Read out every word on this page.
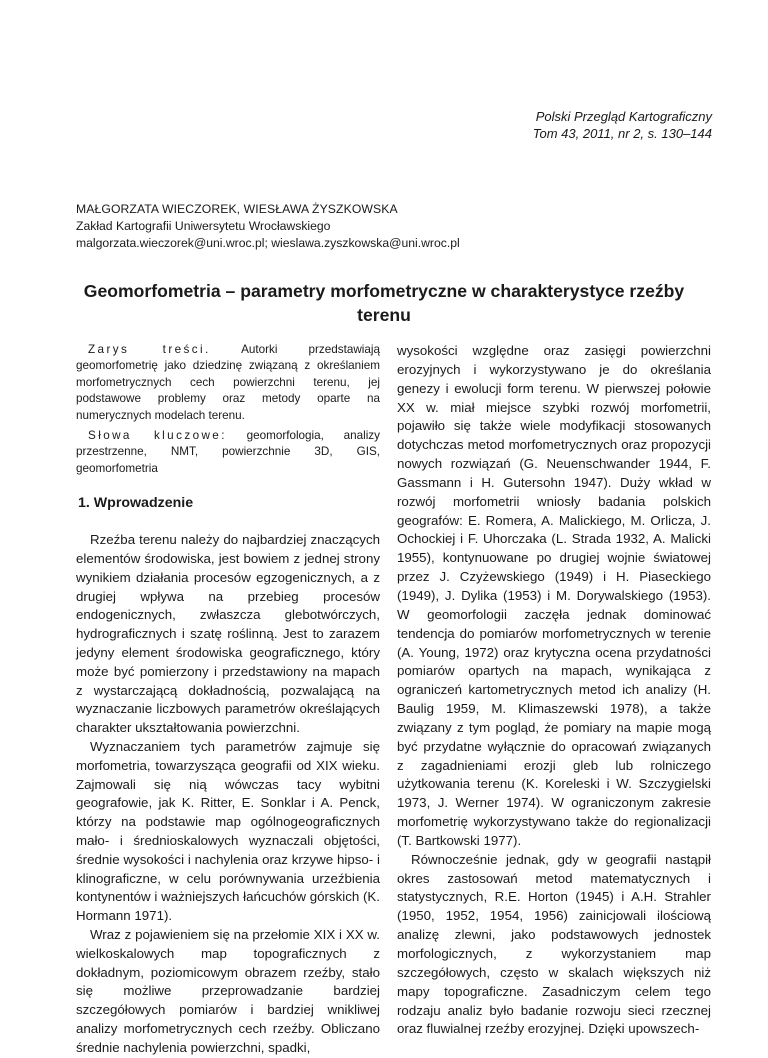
Polski Przegląd Kartograficzny
Tom 43, 2011, nr 2, s. 130–144
MAŁGORZATA WIECZOREK, WIESŁAWA ŻYSZKOWSKA
Zakład Kartografii Uniwersytetu Wrocławskiego
malgorzata.wieczorek@uni.wroc.pl; wieslawa.zyszkowska@uni.wroc.pl
Geomorfometria – parametry morfometryczne w charakterystyce rzeźby terenu

Zarys treści.	Autorki przedstawiają geomorfometrię jako dziedzinę związaną z określaniem morfometrycznych cech powierzchni terenu, jej podstawowe problemy oraz metody oparte na numerycznych modelach terenu.

Słowa kluczowe: geomorfologia, analizy przestrzenne, NMT, powierzchnie 3D, GIS, geomorfometria

1. Wprowadzenie

Rzeźba terenu należy do najbardziej znaczących elementów środowiska, jest bowiem z jednej strony wynikiem działania procesów egzogenicznych, a z drugiej wpływa na przebieg procesów endogenicznych, zwłaszcza glebotwórczych, hydrograficznych i szatę roślinną. Jest to zarazem jedyny element środowiska geograficznego, który może być pomierzony i przedstawiony na mapach z wystarczającą dokładnością, pozwalającą na wyznaczanie liczbowych parametrów określających charakter ukształtowania powierzchni.

Wyznaczaniem tych parametrów zajmuje się morfometria, towarzysząca geografii od XIX wieku. Zajmowali się nią wówczas tacy wybitni geografowie, jak K. Ritter, E. Sonklar i A. Penck, którzy na podstawie map ogólnogeograficznych mało- i średnioskalowych wyznaczali objętości, średnie wysokości i nachylenia oraz krzywe hipso- i klinograficzne, w celu porównywania urzeźbienia kontynentów i ważniejszych łańcuchów górskich (K. Hormann 1971).

Wraz z pojawieniem się na przełomie XIX i XX w. wielkoskalowych map topograficznych z dokładnym, poziomicowym obrazem rzeźby, stało się możliwe przeprowadzanie bardziej szczegółowych pomiarów i bardziej wnikliwej analizy morfometrycznych cech rzeźby. Obliczano średnie nachylenia powierzchni, spadki,

wysokości względne oraz zasięgi powierzchni erozyjnych i wykorzystywano je do określania genezy i ewolucji form terenu. W pierwszej połowie XX w. miał miejsce szybki rozwój morfometrii, pojawiło się także wiele modyfikacji stosowanych dotychczas metod morfometrycznych oraz propozycji nowych rozwiązań (G. Neuenschwander 1944, F. Gassmann i H. Gutersohn 1947). Duży wkład w rozwój morfometrii wniosły badania polskich geografów: E. Romera, A. Malickiego, M. Orlicza, J. Ochockiej i F. Uhorczaka (L. Strada 1932, A. Malicki 1955), kontynuowane po drugiej wojnie światowej przez J. Czyżewskiego (1949) i H. Piaseckiego (1949), J. Dylika (1953) i M. Dorywalskiego (1953). W geomorfologii zaczęła jednak dominować tendencja do pomiarów morfometrycznych w terenie (A. Young, 1972) oraz krytyczna ocena przydatności pomiarów opartych na mapach, wynikająca z ograniczeń kartometrycznych metod ich analizy (H. Baulig 1959, M. Klimaszewski 1978), a także związany z tym pogląd, że pomiary na mapie mogą być przydatne wyłącznie do opracowań związanych z zagadnieniami erozji gleb lub rolniczego użytkowania terenu (K. Koreleski i W. Szczygielski 1973, J. Werner 1974). W ograniczonym zakresie morfometrię wykorzystywano także do regionalizacji (T. Bartkowski 1977).

Równocześnie jednak, gdy w geografii nastąpił okres zastosowań metod matematycznych i statystycznych, R.E. Horton (1945) i A.H. Strahler (1950, 1952, 1954, 1956) zainicjowali ilościową analizę zlewni, jako podstawowych jednostek morfologicznych, z wykorzystaniem map szczegółowych, często w skalach większych niż mapy topograficzne. Zasadniczym celem tego rodzaju analiz było badanie rozwoju sieci rzecznej oraz fluwialnej rzeźby erozyjnej. Dzięki upowszech-
